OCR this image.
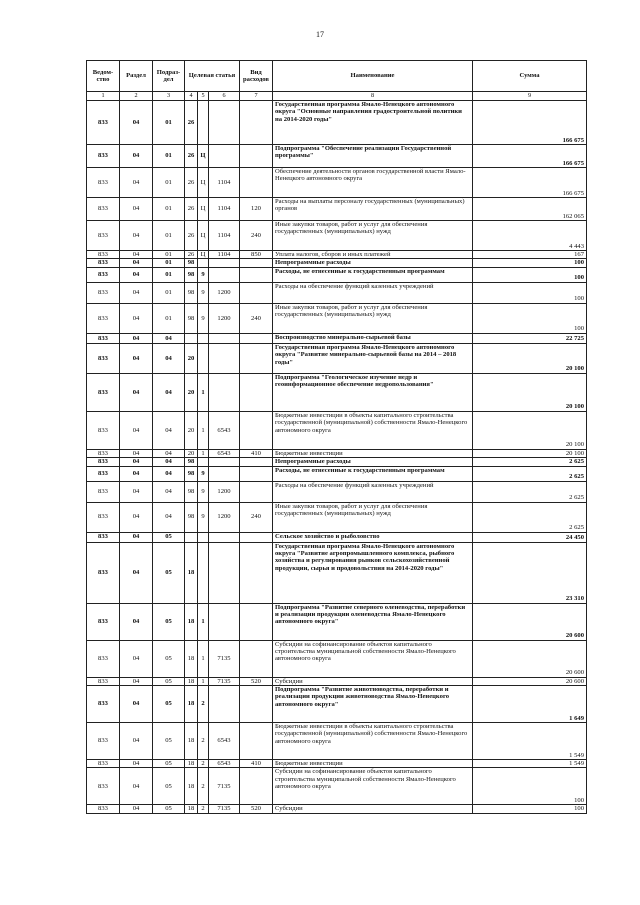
17
Ведом-ство	Раздел	Подраз-дел	Целевая статья			Вид расходов	Наименование	Сумма
1	2	3	4	5	6	7	8	9
833	04	01	26				Государственная программа Ямало-Ненецкого автономного округа "Основные направления градостроительной политики на 2014-2020 годы"	166 675
833	04	01	26	Ц			Подпрограмма "Обеспечение реализации Государственной программы"	166 675
833	04	01	26	Ц	1104		Обеспечение деятельности органов государственной власти Ямало-Ненецкого автономного округа	166 675
833	04	01	26	Ц	1104	120	Расходы на выплаты персоналу государственных (муниципальных) органов	162 065
833	04	01	26	Ц	1104	240	Иные закупки товаров, работ и услуг для обеспечения государственных (муниципальных) нужд	4 443
833	04	01	26	Ц	1104	850	Уплата налогов, сборов и иных платежей	167
833	04	01	98				Непрограммные расходы	100
833	04	01	98	9			Расходы, не отнесенные к государственным программам	100
833	04	01	98	9	1200		Расходы на обеспечение функций казенных учреждений	100
833	04	01	98	9	1200	240	Иные закупки товаров, работ и услуг для обеспечения государственных (муниципальных) нужд	100
833	04	04					Воспроизводство минерально-сырьевой базы	22 725
833	04	04	20				Государственная программа Ямало-Ненецкого автономного округа "Развитие минерально-сырьевой базы на 2014 – 2018 годы"	20 100
833	04	04	20	1			Подпрограмма "Геологическое изучение недр и геоинформационное обеспечение недропользования"	20 100
833	04	04	20	1	6543		Бюджетные инвестиции в объекты капитального строительства государственной (муниципальной) собственности Ямало-Ненецкого автономного округа	20 100
833	04	04	20	1	6543	410	Бюджетные инвестиции	20 100
833	04	04	98				Непрограммные расходы	2 625
833	04	04	98	9			Расходы, не отнесенные к государственным программам	2 625
833	04	04	98	9	1200		Расходы на обеспечение функций казенных учреждений	2 625
833	04	04	98	9	1200	240	Иные закупки товаров, работ и услуг для обеспечения государственных (муниципальных) нужд	2 625
833	04	05					Сельское хозяйство и рыболовство	24 450
833	04	05	18				Государственная программа Ямало-Ненецкого автономного округа "Развитие агропромышленного комплекса, рыбного хозяйства и регулирования рынков сельскохозяйственной продукции, сырья и продовольствия на 2014-2020 годы"	23 310
833	04	05	18	1			Подпрограмма "Развитие северного оленеводства, переработки и реализации продукции оленеводства Ямало-Ненецкого автономного округа"	20 600
833	04	05	18	1	7135		Субсидии на софинансирование объектов капитального строительства муниципальной собственности Ямало-Ненецкого автономного округа	20 600
833	04	05	18	1	7135	520	Субсидии	20 600
833	04	05	18	2			Подпрограмма "Развитие животноводства, переработки и реализации продукции животноводства Ямало-Ненецкого автономного округа"	1 649
833	04	05	18	2	6543		Бюджетные инвестиции в объекты капитального строительства государственной (муниципальной) собственности Ямало-Ненецкого автономного округа	1 549
833	04	05	18	2	6543	410	Бюджетные инвестиции	1 549
833	04	05	18	2	7135		Субсидии на софинансирование объектов капитального строительства муниципальной собственности Ямало-Ненецкого автономного округа	100
833	04	05	18	2	7135	520	Субсидии	100
